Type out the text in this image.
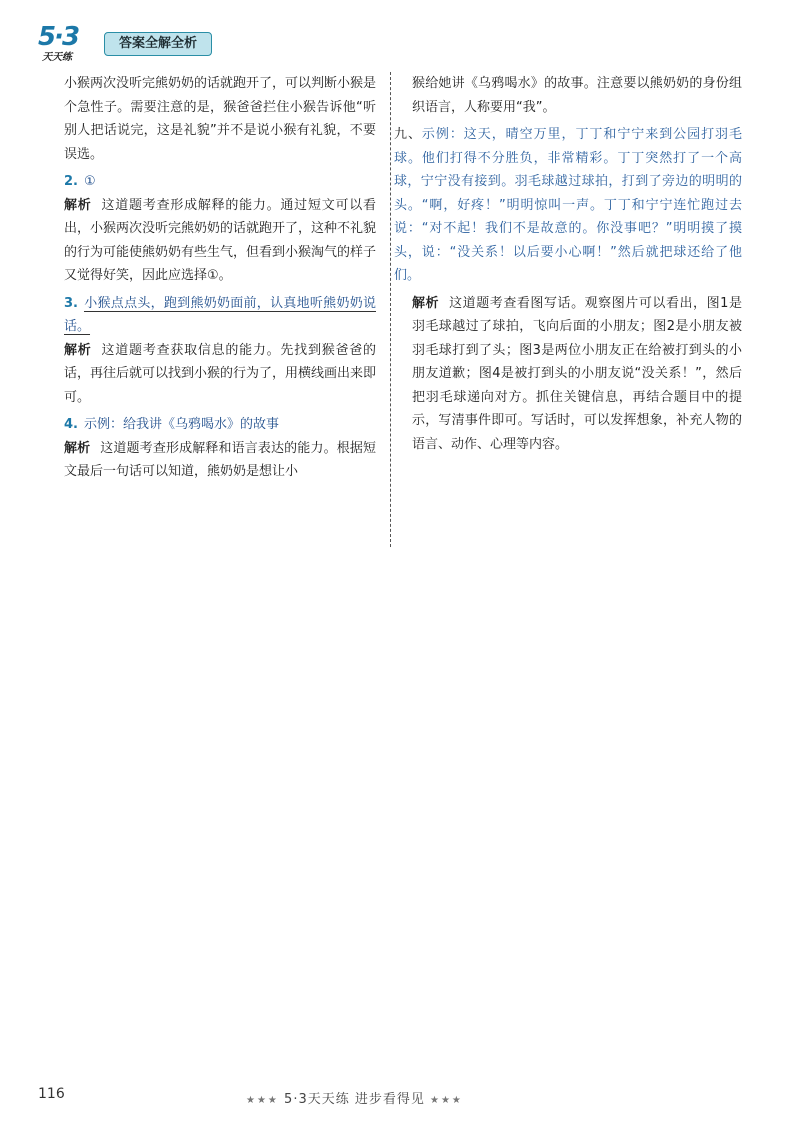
5·3
天天练
答案全解全析

小猴两次没听完熊奶奶的话就跑开了，可以判断小猴是个急性子。需要注意的是，猴爸爸拦住小猴告诉他“听别人把话说完，这是礼貌”并不是说小猴有礼貌，不要误选。

2. ①

解析 这道题考查形成解释的能力。通过短文可以看出，小猴两次没听完熊奶奶的话就跑开了，这种不礼貌的行为可能使熊奶奶有些生气，但看到小猴淘气的样子又觉得好笑，因此应选择①。

3. 小猴点点头，跑到熊奶奶面前，认真地听熊奶奶说话。

解析 这道题考查获取信息的能力。先找到猴爸爸的话，再往后就可以找到小猴的行为了，用横线画出来即可。

4. 示例：给我讲《乌鸦喝水》的故事

解析 这道题考查形成解释和语言表达的能力。根据短文最后一句话可以知道，熊奶奶是想让小

猴给她讲《乌鸦喝水》的故事。注意要以熊奶奶的身份组织语言，人称要用“我”。

九、示例：这天，晴空万里，丁丁和宁宁来到公园打羽毛球。他们打得不分胜负，非常精彩。丁丁突然打了一个高球，宁宁没有接到。羽毛球越过球拍，打到了旁边的明明的头。“啊，好疼！”明明惊叫一声。丁丁和宁宁连忙跑过去说：“对不起！我们不是故意的。你没事吧？”明明摸了摸头，说：“没关系！以后要小心啊！”然后就把球还给了他们。

解析 这道题考查看图写话。观察图片可以看出，图1是羽毛球越过了球拍，飞向后面的小朋友；图2是小朋友被羽毛球打到了头；图3是两位小朋友正在给被打到头的小朋友道歉；图4是被打到头的小朋友说“没关系！”，然后把羽毛球递向对方。抓住关键信息，再结合题目中的提示，写清事件即可。写话时，可以发挥想象，补充人物的语言、动作、心理等内容。

116	★★★ 5·3天天练 进步看得见 ★★★
